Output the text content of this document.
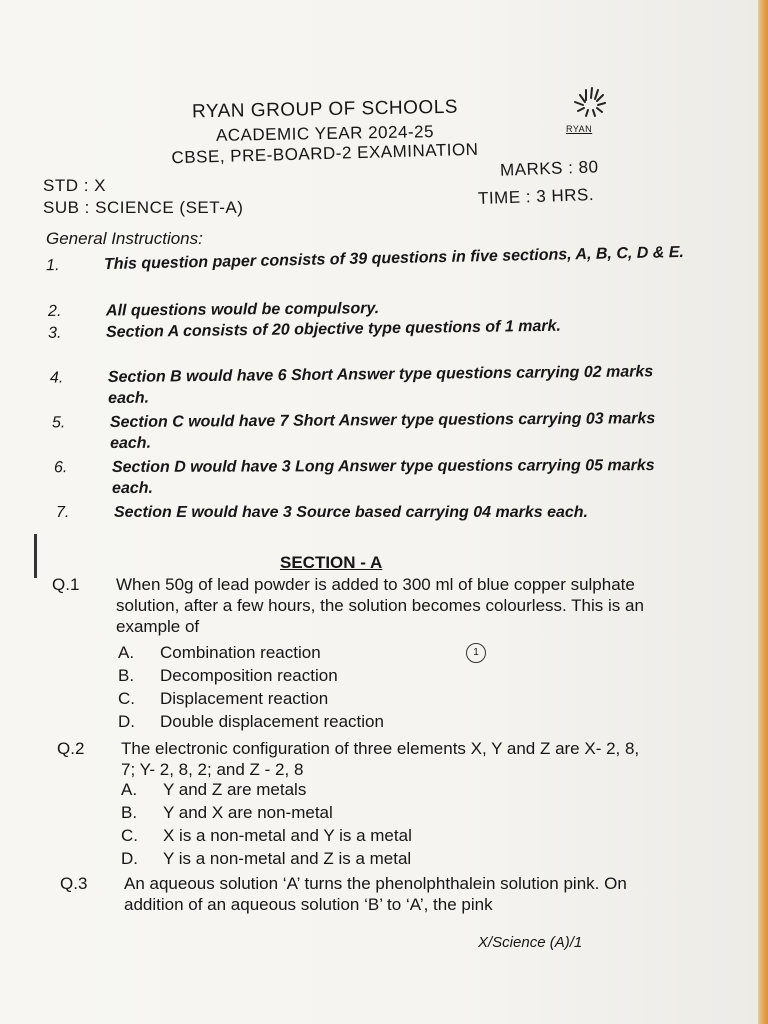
RYAN GROUP OF SCHOOLS
ACADEMIC YEAR 2024-25
CBSE, PRE-BOARD-2 EXAMINATION
RYAN
STD : X
SUB : SCIENCE (SET-A)
MARKS : 80
TIME : 3 HRS.
General Instructions:
1.	This question paper consists of 39 questions in five sections, A, B, C, D & E.
2.	All questions would be compulsory.
3.	Section A consists of 20 objective type questions of 1 mark.
4.	Section B would have 6 Short Answer type questions carrying 02 marks each.
5.	Section C would have 7 Short Answer type questions carrying 03 marks each.
6.	Section D would have 3 Long Answer type questions carrying 05 marks each.
7.	Section E would have 3 Source based carrying 04 marks each.
SECTION - A
Q.1 When 50g of lead powder is added to 300 ml of blue copper sulphate solution, after a few hours, the solution becomes colourless. This is an example of
A. Combination reaction	1
B. Decomposition reaction
C. Displacement reaction
D. Double displacement reaction
Q.2 The electronic configuration of three elements X, Y and Z are X- 2, 8, 7; Y- 2, 8, 2; and Z - 2, 8
A. Y and Z are metals
B. Y and X are non-metal
C. X is a non-metal and Y is a metal
D. Y is a non-metal and Z is a metal
Q.3 An aqueous solution ‘A’ turns the phenolphthalein solution pink. On addition of an aqueous solution ‘B’ to ‘A’, the pink
X/Science (A)/1
